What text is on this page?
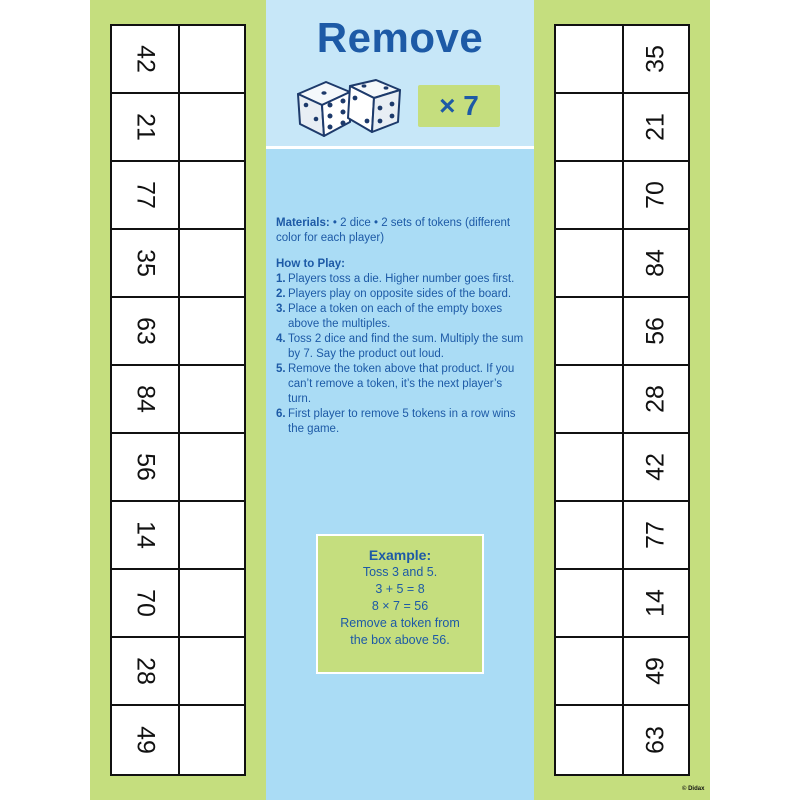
Remove
× 7
Materials: • 2 dice • 2 sets of tokens (different color for each player)
How to Play:
1. Players toss a die. Higher number goes first.
2. Players play on opposite sides of the board.
3. Place a token on each of the empty boxes above the multiples.
4. Toss 2 dice and find the sum. Multiply the sum by 7. Say the product out loud.
5. Remove the token above that product. If you can’t remove a token, it’s the next player’s turn.
6. First player to remove 5 tokens in a row wins the game.
Example:
Toss 3 and 5.
3 + 5 = 8
8 × 7 = 56
Remove a token from
the box above 56.
42
21
77
35
63
84
56
14
70
28
49
35
21
70
84
56
28
42
77
14
49
63
© Didax
